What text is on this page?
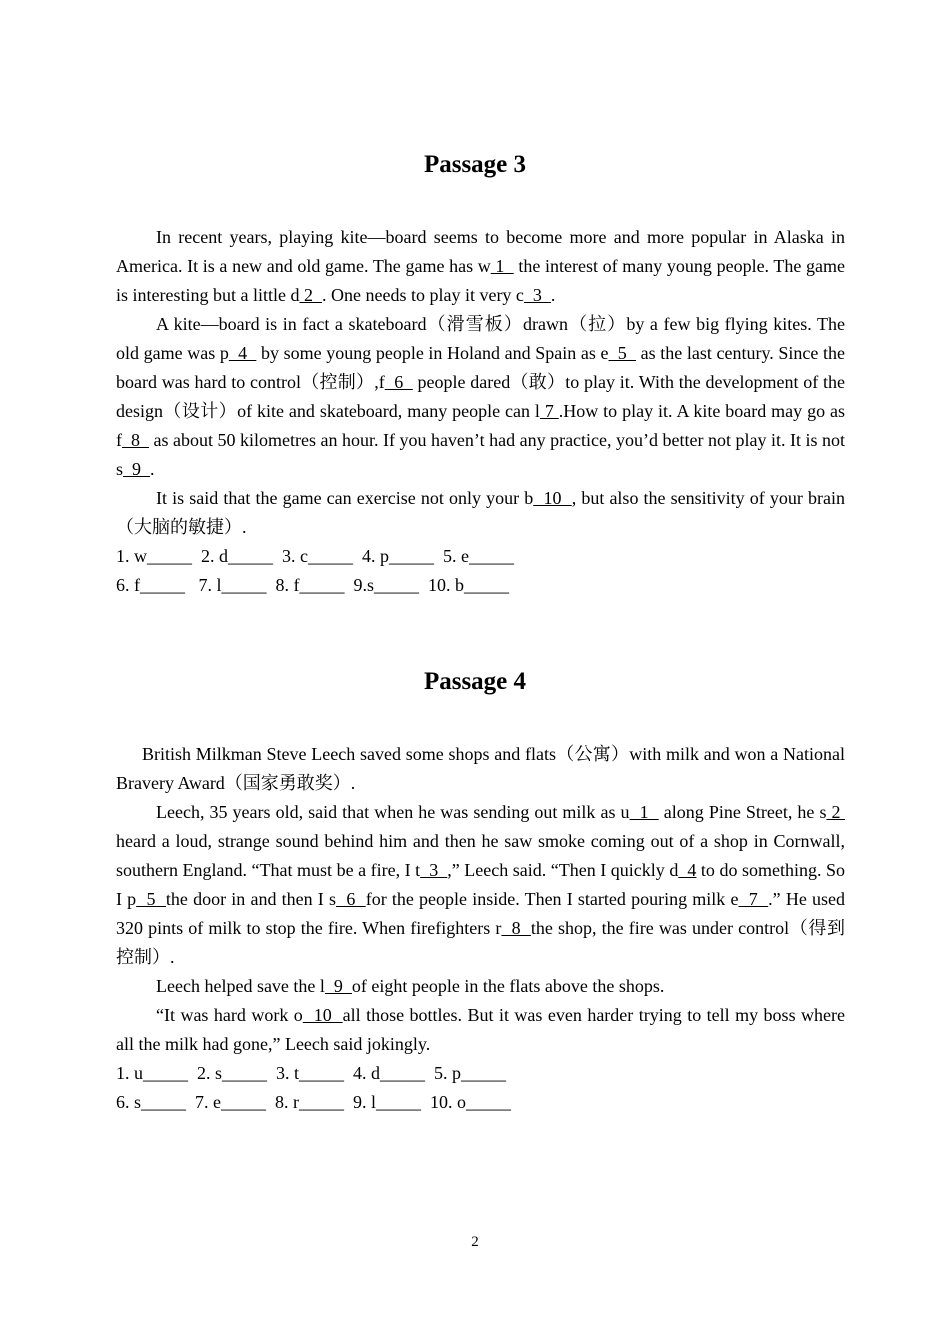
Passage 3

In recent years, playing kite—board seems to become more and more popular in Alaska in America. It is a new and old game. The game has w 1   the interest of many young people. The game is interesting but a little d 2  . One needs to play it very c  3  .

A kite—board is in fact a skateboard（滑雪板）drawn（拉）by a few big flying kites. The old game was p  4   by some young people in Holand and Spain as e  5   as the last century. Since the board was hard to control（控制）,f  6   people dared（敢）to play it. With the development of the design（设计）of kite and skateboard, many people can l 7 .How to play it. A kite board may go as f  8   as about 50 kilometres an hour. If you haven’t had any practice, you’d better not play it. It is not s  9  .

It is said that the game can exercise not only your b  10  , but also the sensitivity of your brain（大脑的敏捷）.

1. w_____  2. d_____  3. c_____  4. p_____  5. e_____

6. f_____   7. l_____  8. f_____  9.s_____  10. b_____

Passage 4

British Milkman Steve Leech saved some shops and flats（公寓）with milk and won a National Bravery Award（国家勇敢奖）.

Leech, 35 years old, said that when he was sending out milk as u  1   along Pine Street, he s 2  heard a loud, strange sound behind him and then he saw smoke coming out of a shop in Cornwall, southern England. “That must be a fire, I t  3  ,” Leech said. “Then I quickly d  4 to do something. So I p  5  the door in and then I s  6  for the people inside. Then I started pouring milk e  7  .” He used 320 pints of milk to stop the fire. When firefighters r  8  the shop, the fire was under control（得到控制）.

Leech helped save the l  9  of eight people in the flats above the shops.

“It was hard work o  10  all those bottles. But it was even harder trying to tell my boss where all the milk had gone,” Leech said jokingly.

1. u_____  2. s_____  3. t_____  4. d_____  5. p_____

6. s_____  7. e_____  8. r_____  9. l_____  10. o_____

2
